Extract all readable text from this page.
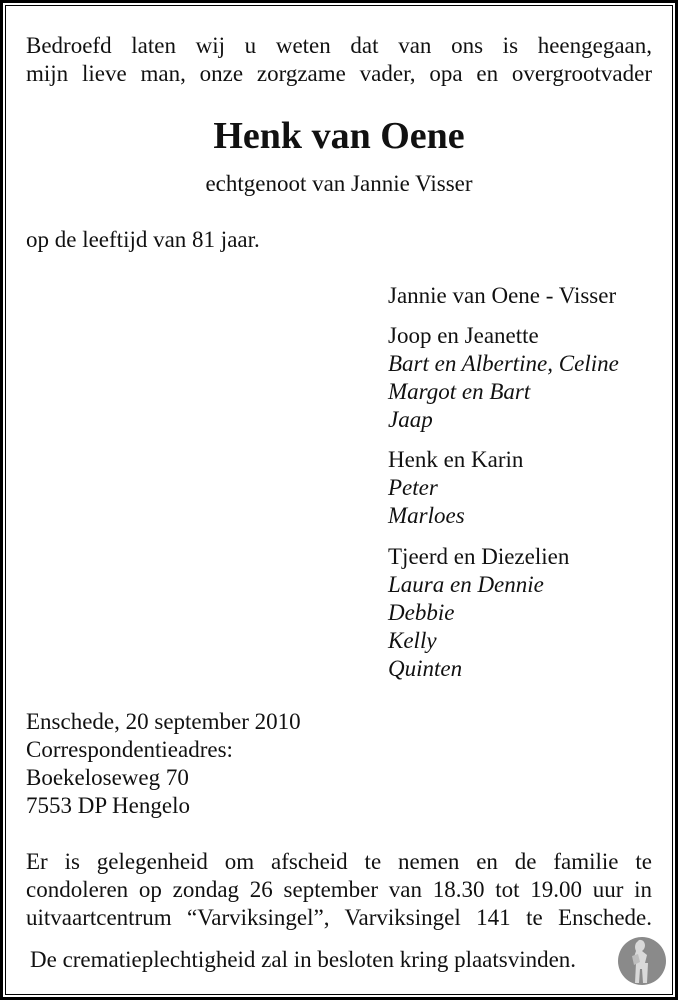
Bedroefd laten wij u weten dat van ons is heengegaan,
mijn lieve man, onze zorgzame vader, opa en overgrootvader
Henk van Oene
echtgenoot van Jannie Visser
op de leeftijd van 81 jaar.
Jannie van Oene - Visser
Joop en Jeanette
Bart en Albertine, Celine
Margot en Bart
Jaap
Henk en Karin
Peter
Marloes
Tjeerd en Diezelien
Laura en Dennie
Debbie
Kelly
Quinten
Enschede, 20 september 2010
Correspondentieadres:
Boekeloseweg 70
7553 DP Hengelo
Er is gelegenheid om afscheid te nemen en de familie te
condoleren op zondag 26 september van 18.30 tot 19.00 uur in
uitvaartcentrum “Varviksingel”, Varviksingel 141 te Enschede.
De crematieplechtigheid zal in besloten kring plaatsvinden.
